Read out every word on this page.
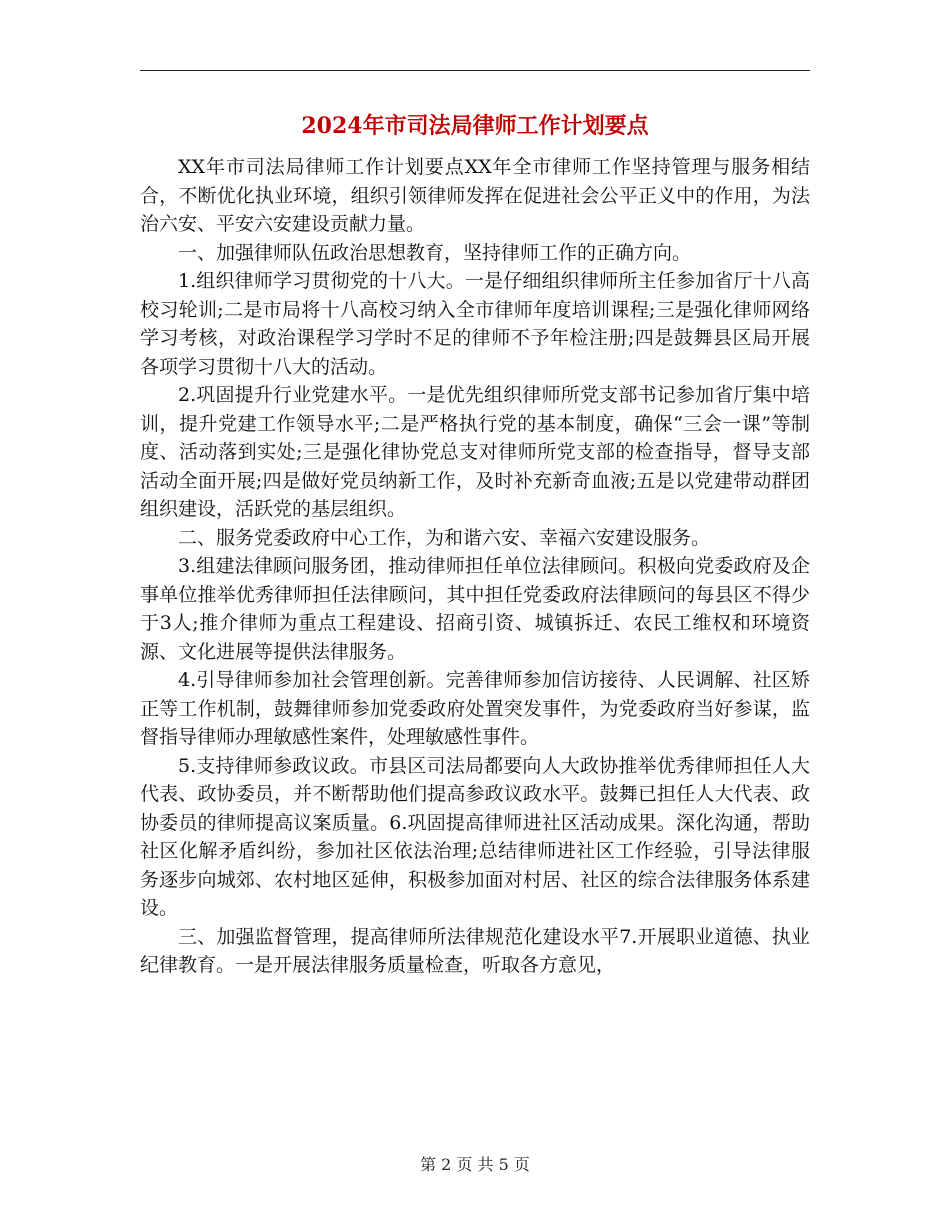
2024年市司法局律师工作计划要点

XX年市司法局律师工作计划要点XX年全市律师工作坚持管理与服务相结合，不断优化执业环境，组织引领律师发挥在促进社会公平正义中的作用，为法治六安、平安六安建设贡献力量。

一、加强律师队伍政治思想教育，坚持律师工作的正确方向。

1.组织律师学习贯彻党的十八大。一是仔细组织律师所主任参加省厅十八高校习轮训;二是市局将十八高校习纳入全市律师年度培训课程;三是强化律师网络学习考核，对政治课程学习学时不足的律师不予年检注册;四是鼓舞县区局开展各项学习贯彻十八大的活动。

2.巩固提升行业党建水平。一是优先组织律师所党支部书记参加省厅集中培训，提升党建工作领导水平;二是严格执行党的基本制度，确保“三会一课”等制度、活动落到实处;三是强化律协党总支对律师所党支部的检查指导，督导支部活动全面开展;四是做好党员纳新工作，及时补充新奇血液;五是以党建带动群团组织建设，活跃党的基层组织。

二、服务党委政府中心工作，为和谐六安、幸福六安建设服务。

3.组建法律顾问服务团，推动律师担任单位法律顾问。积极向党委政府及企事单位推举优秀律师担任法律顾问，其中担任党委政府法律顾问的每县区不得少于3人;推介律师为重点工程建设、招商引资、城镇拆迁、农民工维权和环境资源、文化进展等提供法律服务。

4.引导律师参加社会管理创新。完善律师参加信访接待、人民调解、社区矫正等工作机制，鼓舞律师参加党委政府处置突发事件，为党委政府当好参谋，监督指导律师办理敏感性案件，处理敏感性事件。

5.支持律师参政议政。市县区司法局都要向人大政协推举优秀律师担任人大代表、政协委员，并不断帮助他们提高参政议政水平。鼓舞已担任人大代表、政协委员的律师提高议案质量。6.巩固提高律师进社区活动成果。深化沟通，帮助社区化解矛盾纠纷，参加社区依法治理;总结律师进社区工作经验，引导法律服务逐步向城郊、农村地区延伸，积极参加面对村居、社区的综合法律服务体系建设。

三、加强监督管理，提高律师所法律规范化建设水平7.开展职业道德、执业纪律教育。一是开展法律服务质量检查，听取各方意见，

第 2 页 共 5 页
